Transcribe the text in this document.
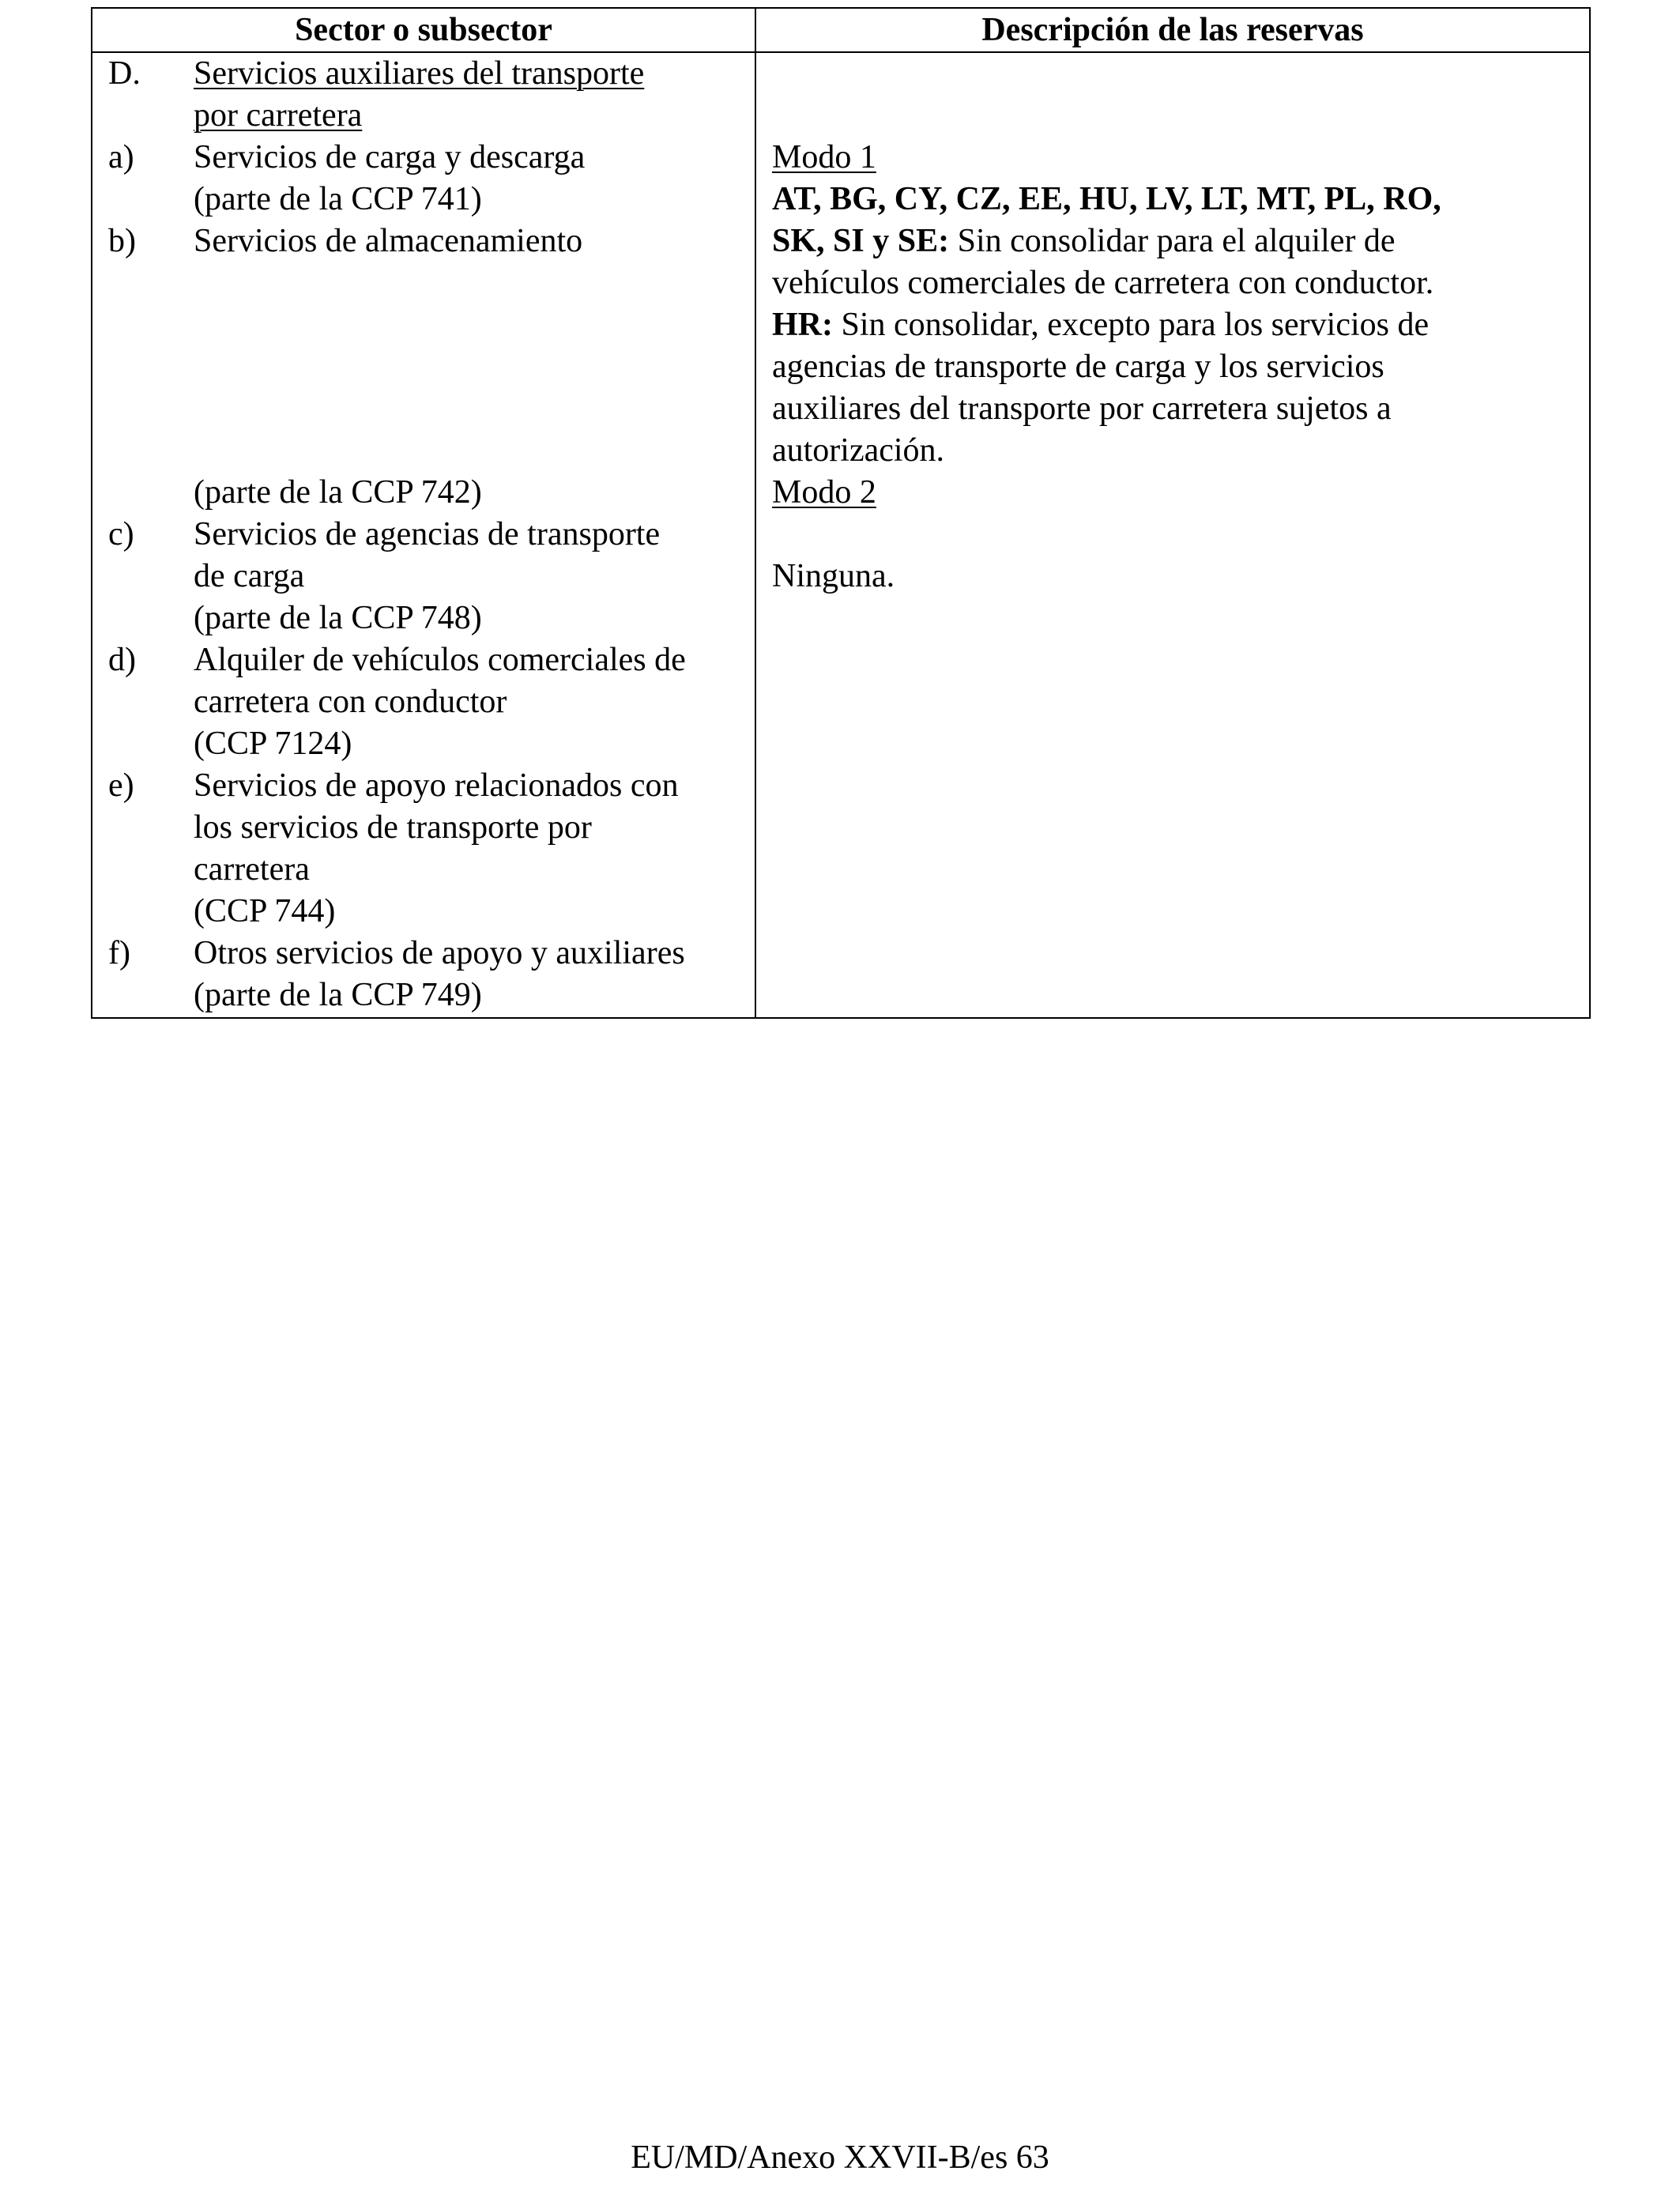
Sector o subsector	Descripción de las reservas
D. Servicios auxiliares del transporte
por carretera
a) Servicios de carga y descarga
(parte de la CCP 741)
b) Servicios de almacenamiento
(parte de la CCP 742)
c) Servicios de agencias de transporte
de carga
(parte de la CCP 748)
d) Alquiler de vehículos comerciales de
carretera con conductor
(CCP 7124)
e) Servicios de apoyo relacionados con
los servicios de transporte por
carretera
(CCP 744)
f) Otros servicios de apoyo y auxiliares
(parte de la CCP 749)
Modo 1
AT, BG, CY, CZ, EE, HU, LV, LT, MT, PL, RO,
SK, SI y SE: Sin consolidar para el alquiler de
vehículos comerciales de carretera con conductor.
HR: Sin consolidar, excepto para los servicios de
agencias de transporte de carga y los servicios
auxiliares del transporte por carretera sujetos a
autorización.
Modo 2
Ninguna.
EU/MD/Anexo XXVII-B/es 63
